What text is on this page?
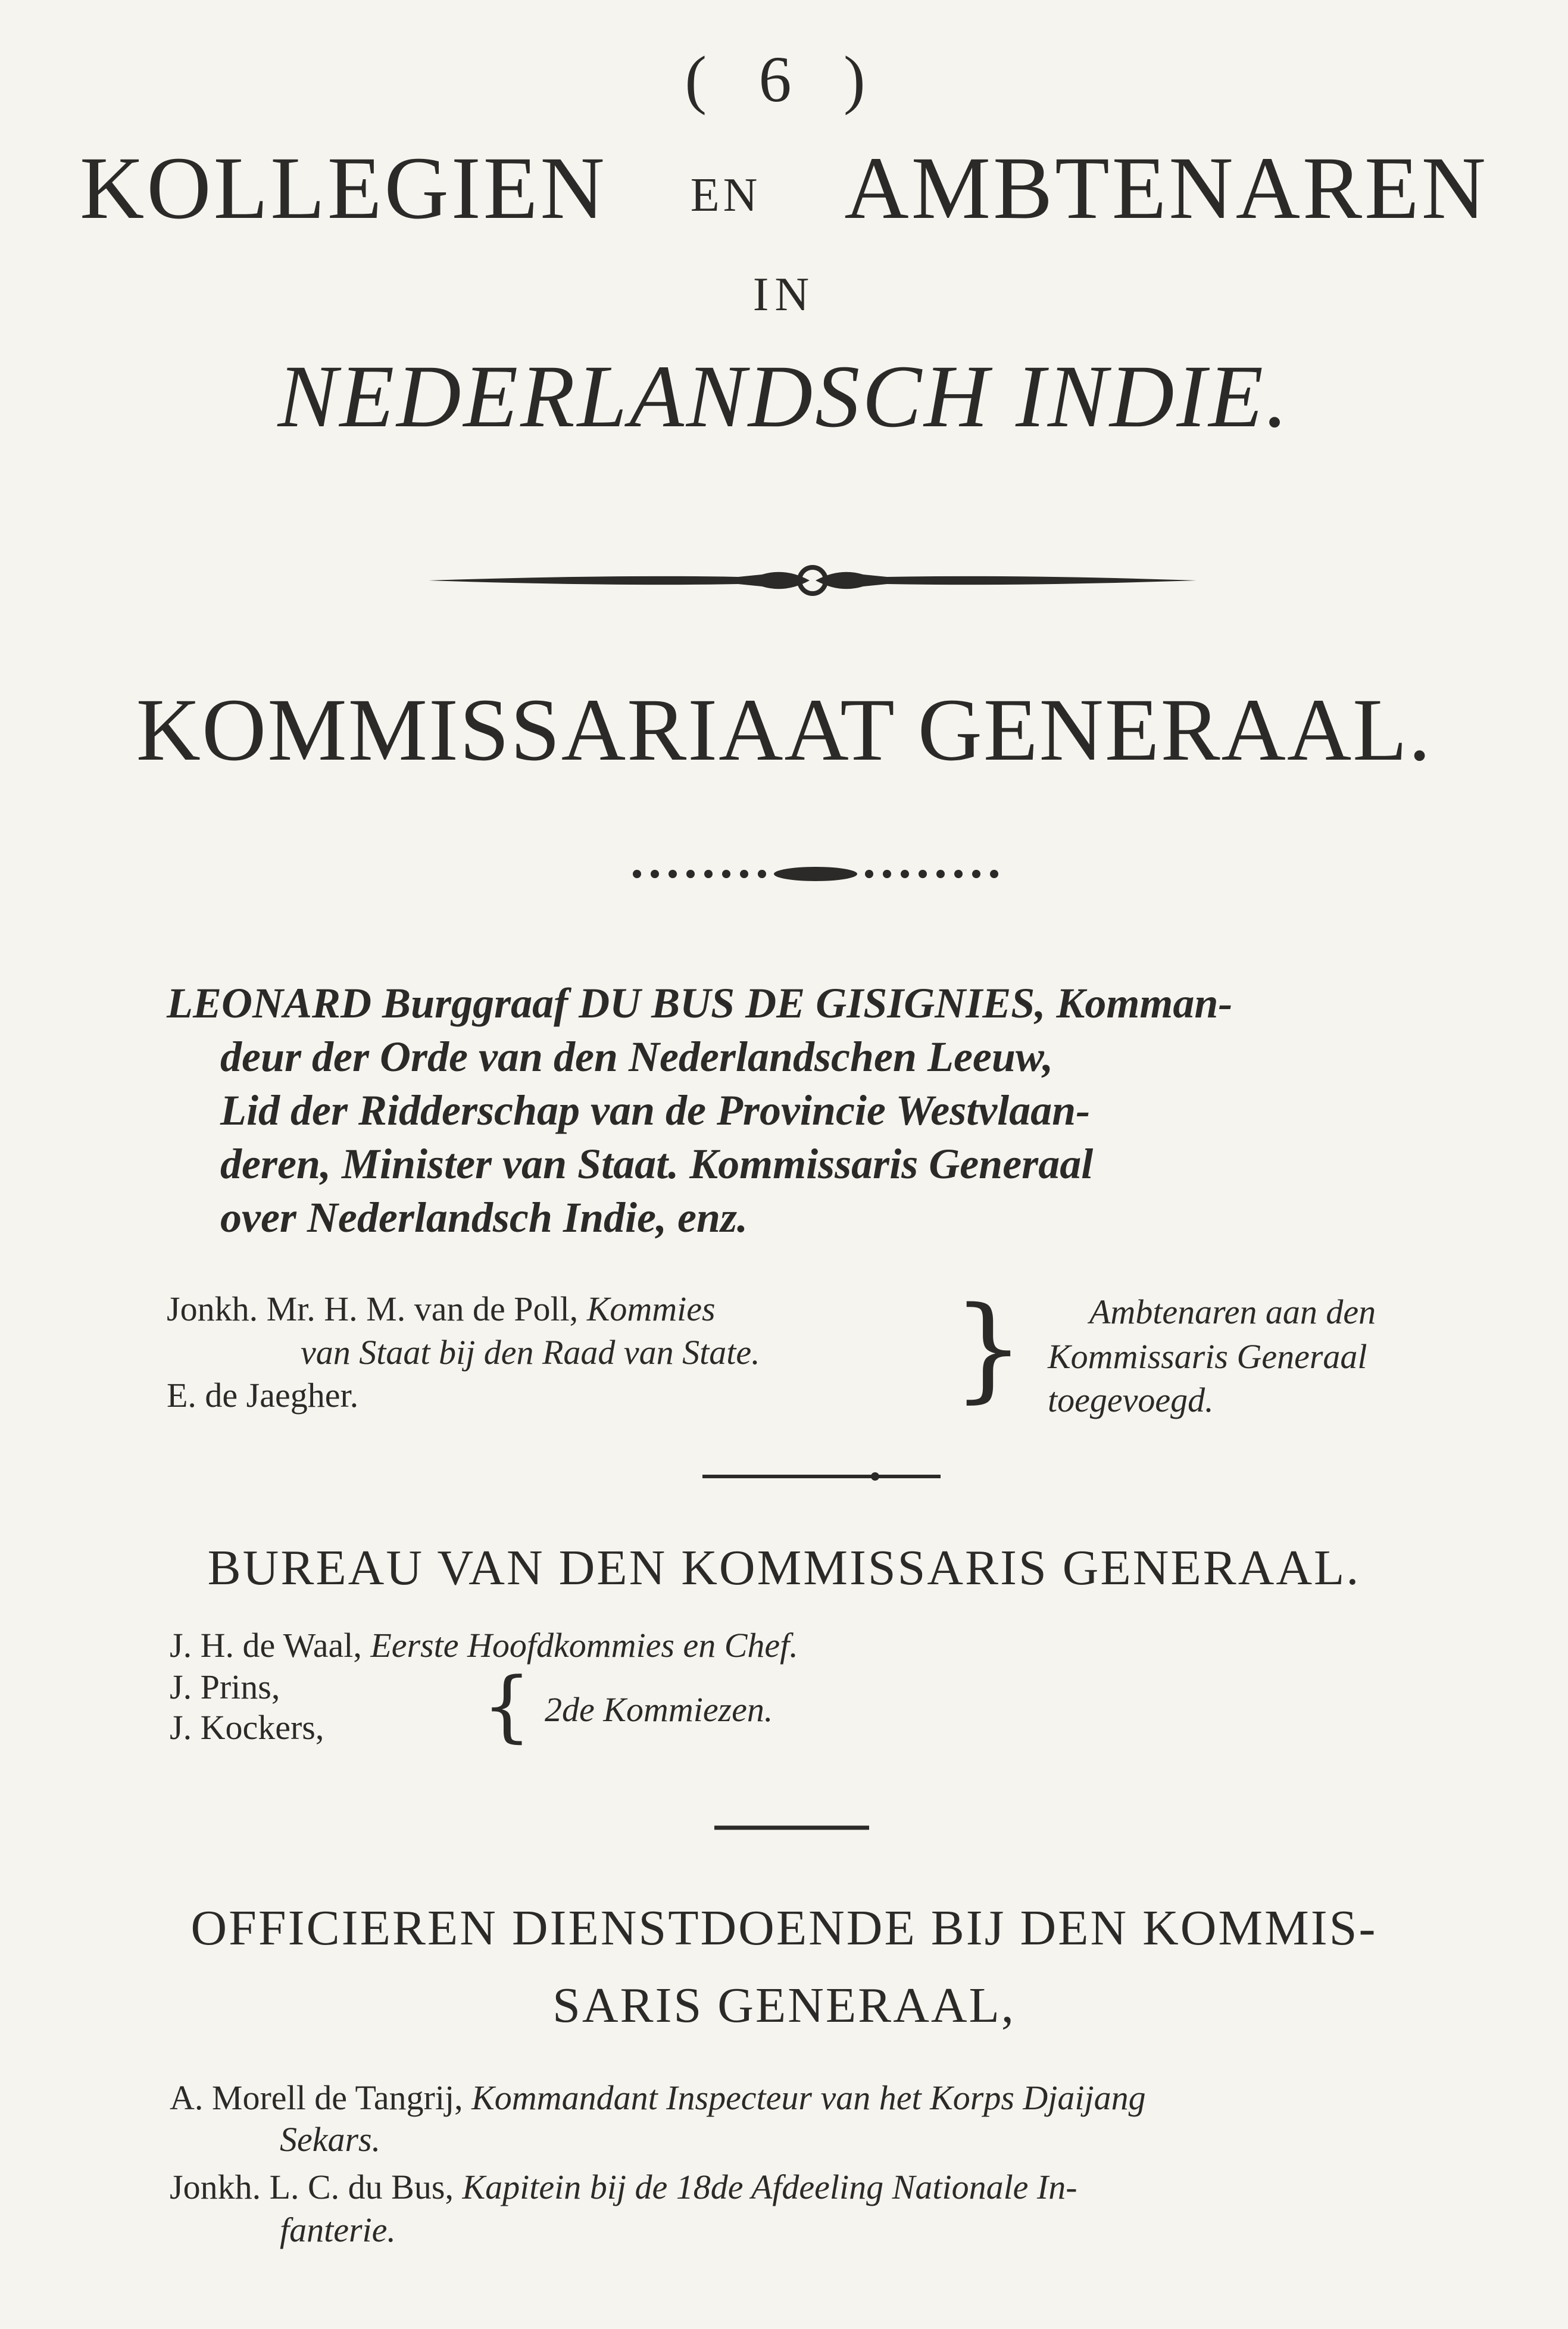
( 6 )
KOLLEGIEN EN AMBTENAREN
IN
NEDERLANDSCH INDIE.
KOMMISSARIAAT GENERAAL.
LEONARD Burggraaf DU BUS DE GISIGNIES, Komman-
deur der Orde van den Nederlandschen Leeuw,
Lid der Ridderschap van de Provincie Westvlaan-
deren, Minister van Staat. Kommissaris Generaal
over Nederlandsch Indie, enz.
Jonkh. Mr. H. M. van de Poll, Kommies
van Staat bij den Raad van State.
E. de Jaegher.	} Ambtenaren aan den
Kommissaris Generaal
toegevoegd.
BUREAU VAN DEN KOMMISSARIS GENERAAL.
J. H. de Waal, Eerste Hoofdkommies en Chef.
J. Prins,
J. Kockers, { 2de Kommiezen.
OFFICIEREN DIENSTDOENDE BIJ DEN KOMMIS-
SARIS GENERAAL,
A. Morell de Tangrij, Kommandant Inspecteur van het Korps Djaijang
Sekars.
Jonkh. L. C. du Bus, Kapitein bij de 18de Afdeeling Nationale In-
fanterie.
